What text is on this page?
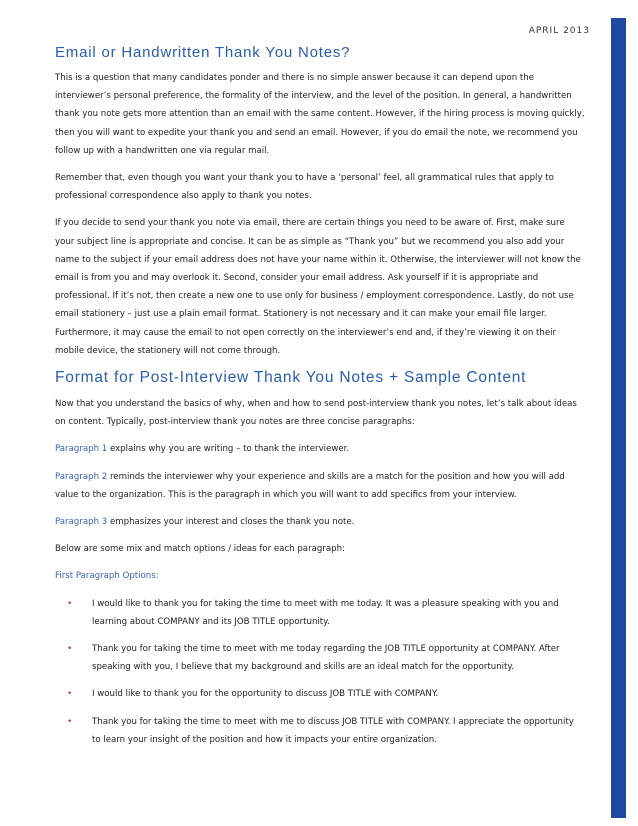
APRIL 2013
Email or Handwritten Thank You Notes?

This is a question that many candidates ponder and there is no simple answer because it can depend upon the interviewer’s personal preference, the formality of the interview, and the level of the position. In general, a handwritten thank you note gets more attention than an email with the same content. However, if the hiring process is moving quickly, then you will want to expedite your thank you and send an email. However, if you do email the note, we recommend you follow up with a handwritten one via regular mail.

Remember that, even though you want your thank you to have a ‘personal’ feel, all grammatical rules that apply to professional correspondence also apply to thank you notes.

If you decide to send your thank you note via email, there are certain things you need to be aware of. First, make sure your subject line is appropriate and concise. It can be as simple as “Thank you” but we recommend you also add your name to the subject if your email address does not have your name within it. Otherwise, the interviewer will not know the email is from you and may overlook it. Second, consider your email address. Ask yourself if it is appropriate and professional. If it’s not, then create a new one to use only for business / employment correspondence. Lastly, do not use email stationery – just use a plain email format. Stationery is not necessary and it can make your email file larger. Furthermore, it may cause the email to not open correctly on the interviewer’s end and, if they’re viewing it on their mobile device, the stationery will not come through.

Format for Post-Interview Thank You Notes + Sample Content

Now that you understand the basics of why, when and how to send post-interview thank you notes, let’s talk about ideas on content. Typically, post-interview thank you notes are three concise paragraphs:

Paragraph 1 explains why you are writing – to thank the interviewer.

Paragraph 2 reminds the interviewer why your experience and skills are a match for the position and how you will add value to the organization. This is the paragraph in which you will want to add specifics from your interview.

Paragraph 3 emphasizes your interest and closes the thank you note.

Below are some mix and match options / ideas for each paragraph:

First Paragraph Options:

• I would like to thank you for taking the time to meet with me today. It was a pleasure speaking with you and learning about COMPANY and its JOB TITLE opportunity.
• Thank you for taking the time to meet with me today regarding the JOB TITLE opportunity at COMPANY. After speaking with you, I believe that my background and skills are an ideal match for the opportunity.
• I would like to thank you for the opportunity to discuss JOB TITLE with COMPANY.
• Thank you for taking the time to meet with me to discuss JOB TITLE with COMPANY. I appreciate the opportunity to learn your insight of the position and how it impacts your entire organization.
